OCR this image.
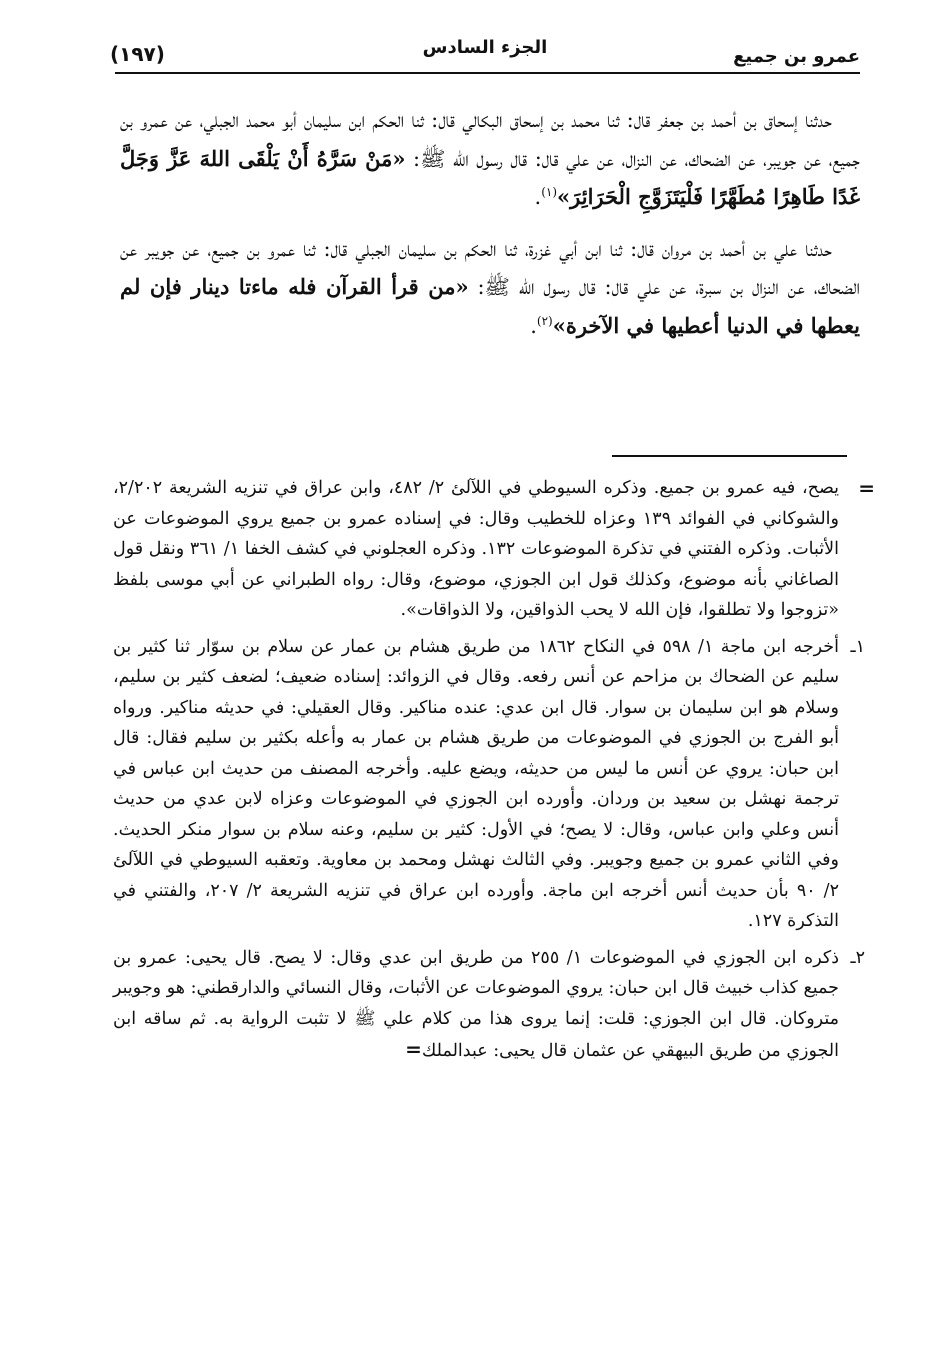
عمرو بن جميع
الجزء السادس
(١٩٧)

حدثنا إسحاق بن أحمد بن جعفر قال: ثنا محمد بن إسحاق البكالي قال: ثنا الحكم ابن سليمان أبو محمد الجبلي، عن عمرو بن جميع، عن جويبر، عن الضحاك، عن النزال، عن علي قال: قال رسول الله ﷺ: «مَنْ سَرَّهُ أَنْ يَلْقَى اللهَ عَزَّ وَجَلَّ غَدًا طَاهِرًا مُطَهَّرًا فَلْيَتَزَوَّجِ الْحَرَائِرَ»$^{(١)}$.

حدثنا علي بن أحمد بن مروان قال: ثنا ابن أبي غزرة، ثنا الحكم بن سليمان الجبلي قال: ثنا عمرو بن جميع، عن جويبر عن الضحاك، عن النزال بن سبرة، عن علي قال: قال رسول الله ﷺ: «من قرأ القرآن فله ماءتا دينار فإن لم يعطها في الدنيا أعطيها في الآخرة»$^{(٢)}$.

=
يصح، فيه عمرو بن جميع. وذكره السيوطي في اللآلئ ٢/ ٤٨٢، وابن عراق في تنزيه الشريعة ٢/٢٠٢، والشوكاني في الفوائد ١٣٩ وعزاه للخطيب وقال: في إسناده عمرو بن جميع يروي الموضوعات عن الأثبات. وذكره الفتني في تذكرة الموضوعات ١٣٢. وذكره العجلوني في كشف الخفا ١/ ٣٦١ ونقل قول الصاغاني بأنه موضوع، وكذلك قول ابن الجوزي، موضوع، وقال: رواه الطبراني عن أبي موسى بلفظ «تزوجوا ولا تطلقوا، فإن الله لا يحب الذواقين، ولا الذواقات».
١ـ
أخرجه ابن ماجة ١/ ٥٩٨ في النكاح ١٨٦٢ من طريق هشام بن عمار عن سلام بن سوّار ثنا كثير بن سليم عن الضحاك بن مزاحم عن أنس رفعه. وقال في الزوائد: إسناده ضعيف؛ لضعف كثير بن سليم، وسلام هو ابن سليمان بن سوار. قال ابن عدي: عنده مناكير. وقال العقيلي: في حديثه مناكير. ورواه أبو الفرج بن الجوزي في الموضوعات من طريق هشام بن عمار به وأعله بكثير بن سليم فقال: قال ابن حبان: يروي عن أنس ما ليس من حديثه، ويضع عليه. وأخرجه المصنف من حديث ابن عباس في ترجمة نهشل بن سعيد بن وردان. وأورده ابن الجوزي في الموضوعات وعزاه لابن عدي من حديث أنس وعلي وابن عباس، وقال: لا يصح؛ في الأول: كثير بن سليم، وعنه سلام بن سوار منكر الحديث. وفي الثاني عمرو بن جميع وجويبر. وفي الثالث نهشل ومحمد بن معاوية. وتعقبه السيوطي في اللآلئ ٢/ ٩٠ بأن حديث أنس أخرجه ابن ماجة. وأورده ابن عراق في تنزيه الشريعة ٢/ ٢٠٧، والفتني في التذكرة ١٢٧.
٢ـ
ذكره ابن الجوزي في الموضوعات ١/ ٢٥٥ من طريق ابن عدي وقال: لا يصح. قال يحيى: عمرو بن جميع كذاب خبيث قال ابن حبان: يروي الموضوعات عن الأثبات، وقال النسائي والدارقطني: هو وجويبر متروكان. قال ابن الجوزي: قلت: إنما يروى هذا من كلام علي ﷺ لا تثبت الرواية به. ثم ساقه ابن الجوزي من طريق البيهقي عن عثمان قال يحيى: عبدالملك=
